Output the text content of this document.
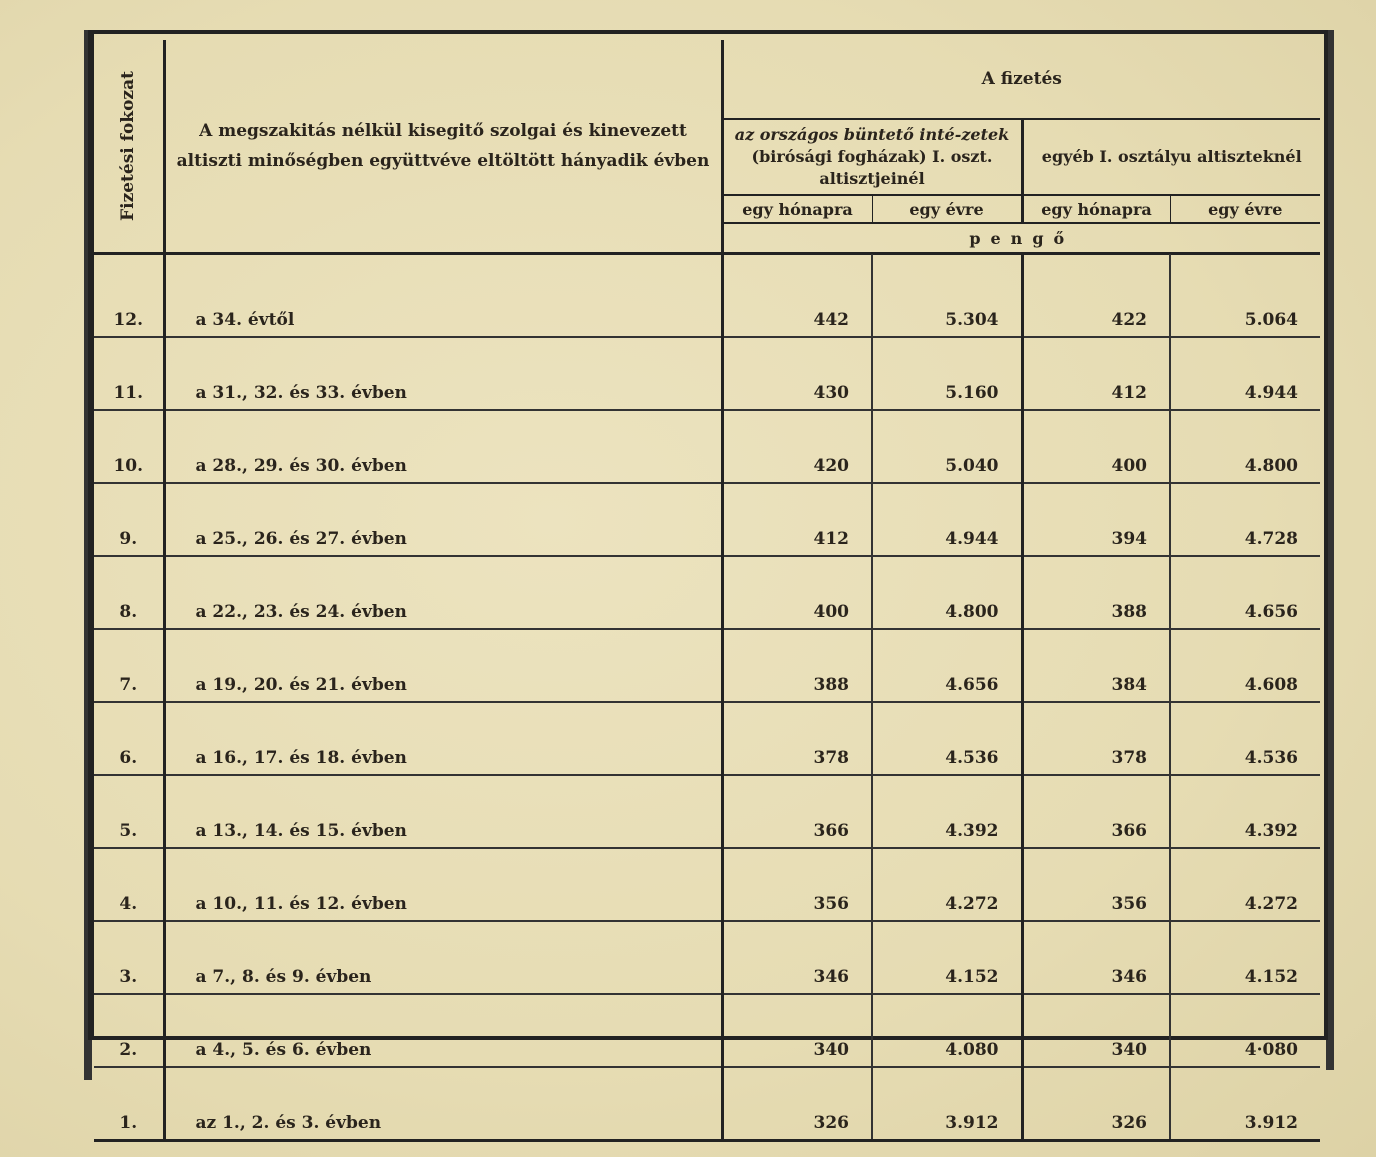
Fizetési fokozat	A megszakitás nélkül kisegitő szolgai és kinevezett altiszti minőségben együttvéve eltöltött hányadik évben	A fizetés			
		az országos büntető inté-zetek (birósági fogházak) I. oszt. altisztjeinél		egyéb I. osztályu altiszteknél	
		egy hónapra	egy évre	egy hónapra	egy évre
		pengő			

12.	a 34. évtől	442	5.304	422	5.064
11.	a 31., 32. és 33. évben	430	5.160	412	4.944
10.	a 28., 29. és 30. évben	420	5.040	400	4.800
9.	a 25., 26. és 27. évben	412	4.944	394	4.728
8.	a 22., 23. és 24. évben	400	4.800	388	4.656
7.	a 19., 20. és 21. évben	388	4.656	384	4.608
6.	a 16., 17. és 18. évben	378	4.536	378	4.536
5.	a 13., 14. és 15. évben	366	4.392	366	4.392
4.	a 10., 11. és 12. évben	356	4.272	356	4.272
3.	a 7., 8. és 9. évben	346	4.152	346	4.152
2.	a 4., 5. és 6. évben	340	4.080	340	4·080
1.	az 1., 2. és 3. évben	326	3.912	326	3.912
